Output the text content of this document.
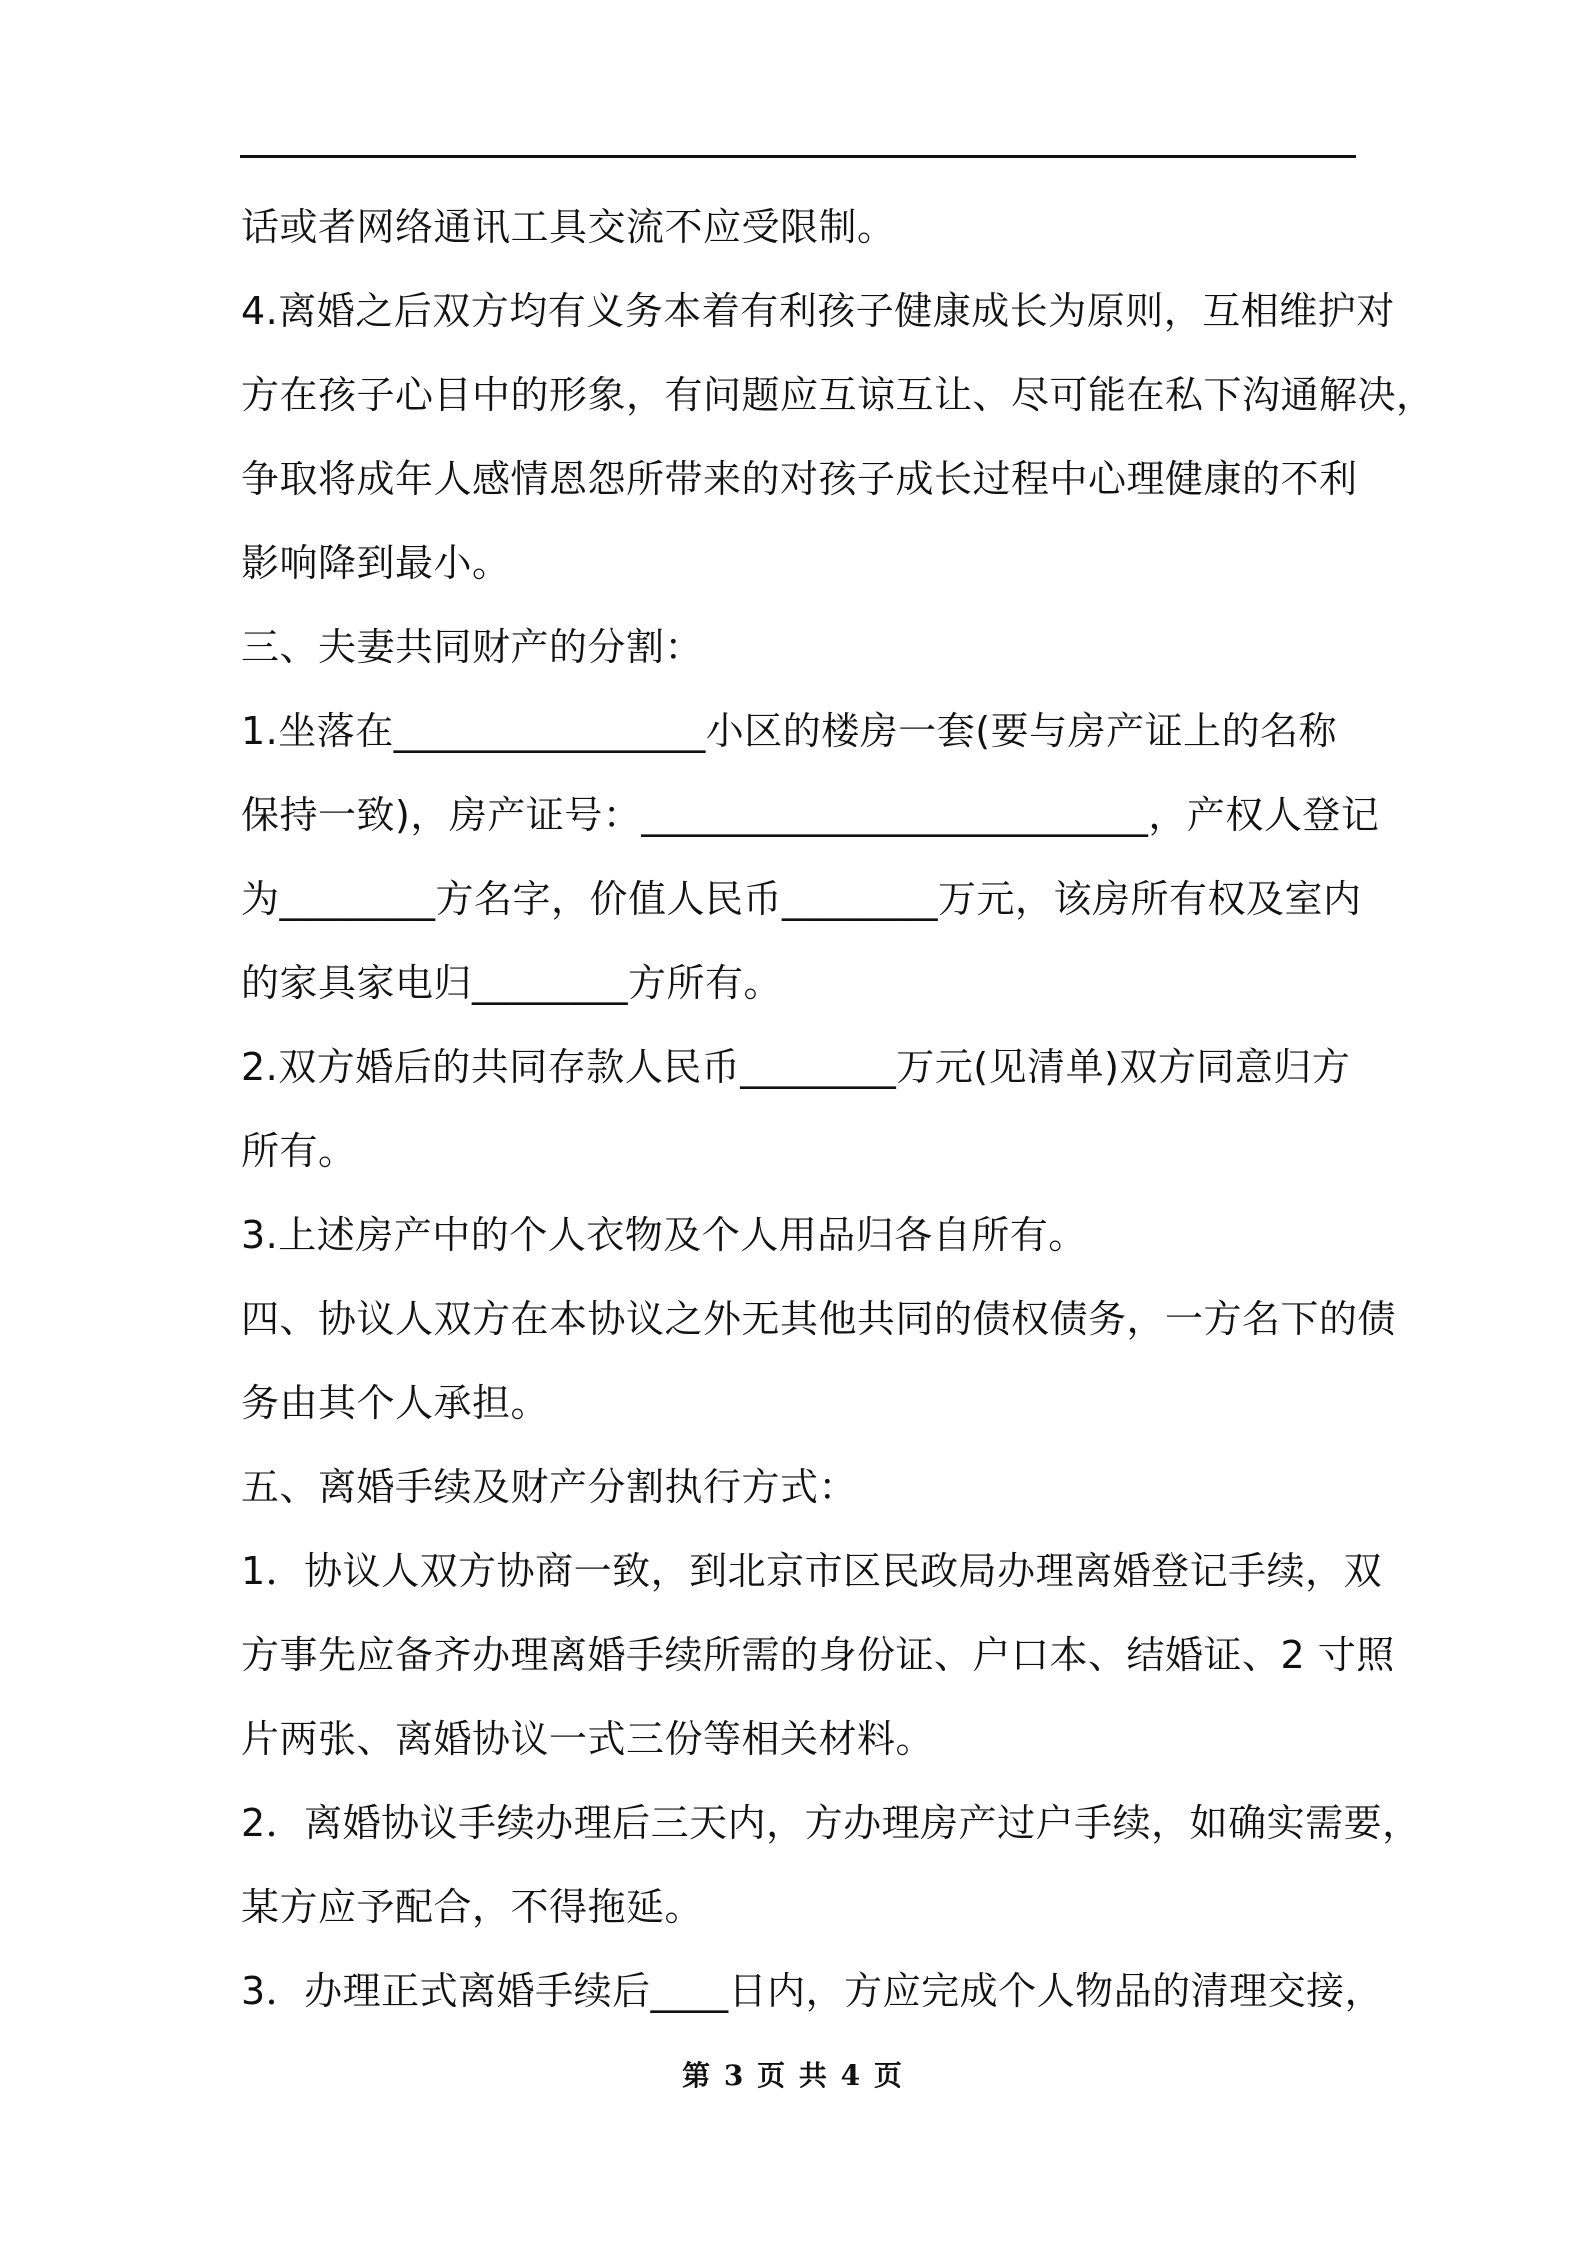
话或者网络通讯工具交流不应受限制。
4.离婚之后双方均有义务本着有利孩子健康成长为原则，互相维护对
方在孩子心目中的形象，有问题应互谅互让、尽可能在私下沟通解决，
争取将成年人感情恩怨所带来的对孩子成长过程中心理健康的不利
影响降到最小。
三、夫妻共同财产的分割：
1.坐落在________________小区的楼房一套(要与房产证上的名称
保持一致)，房产证号：__________________________，产权人登记
为________方名字，价值人民币________万元，该房所有权及室内
的家具家电归________方所有。
2.双方婚后的共同存款人民币________万元(见清单)双方同意归方
所有。
3.上述房产中的个人衣物及个人用品归各自所有。
四、协议人双方在本协议之外无其他共同的债权债务，一方名下的债
务由其个人承担。
五、离婚手续及财产分割执行方式：
1．协议人双方协商一致，到北京市区民政局办理离婚登记手续，双
方事先应备齐办理离婚手续所需的身份证、户口本、结婚证、2 寸照
片两张、离婚协议一式三份等相关材料。
2．离婚协议手续办理后三天内，方办理房产过户手续，如确实需要，
某方应予配合，不得拖延。
3．办理正式离婚手续后____日内，方应完成个人物品的清理交接，
第 3 页 共 4 页
